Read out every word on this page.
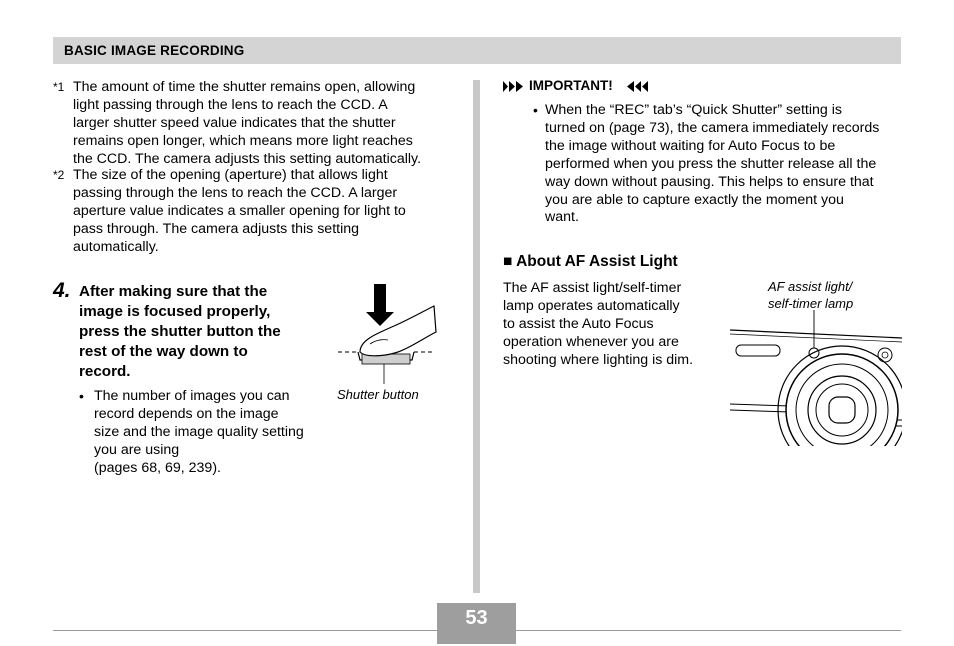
BASIC IMAGE RECORDING
*1 The amount of time the shutter remains open, allowing
light passing through the lens to reach the CCD. A
larger shutter speed value indicates that the shutter
remains open longer, which means more light reaches
the CCD. The camera adjusts this setting automatically.
*2 The size of the opening (aperture) that allows light
passing through the lens to reach the CCD. A larger
aperture value indicates a smaller opening for light to
pass through. The camera adjusts this setting
automatically.
4. After making sure that the
image is focused properly,
press the shutter button the
rest of the way down to
record.
• The number of images you can
record depends on the image
size and the image quality setting
you are using
(pages 68, 69, 239).
Shutter button
IMPORTANT!
• When the “REC” tab’s “Quick Shutter” setting is
turned on (page 73), the camera immediately records
the image without waiting for Auto Focus to be
performed when you press the shutter release all the
way down without pausing. This helps to ensure that
you are able to capture exactly the moment you
want.
■ About AF Assist Light
The AF assist light/self-timer
lamp operates automatically
to assist the Auto Focus
operation whenever you are
shooting where lighting is dim.
AF assist light/
self-timer lamp
53
